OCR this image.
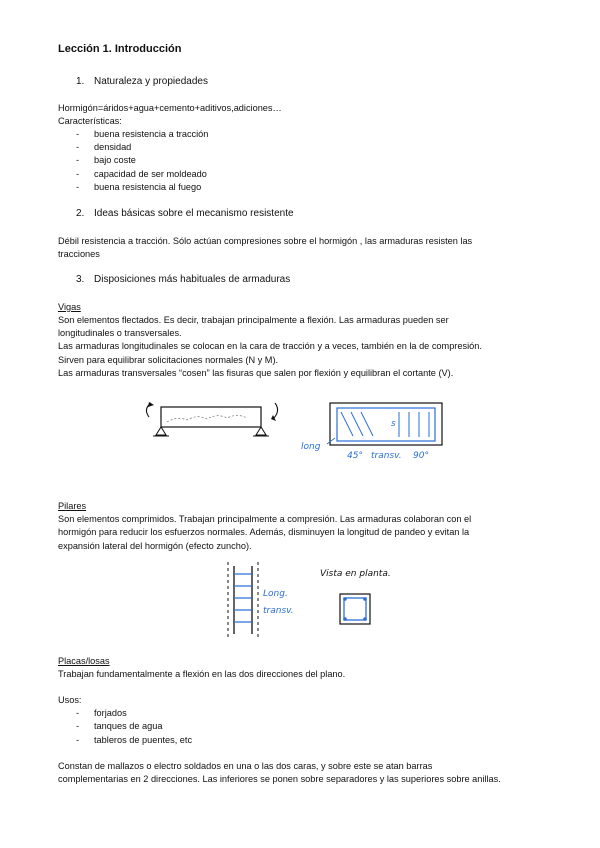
Lección 1. Introducción
1. Naturaleza y propiedades
Hormigón=áridos+agua+cemento+aditivos,adiciones…
Características:
- buena resistencia a tracción
- densidad
- bajo coste
- capacidad de ser moldeado
- buena resistencia al fuego
2. Ideas básicas sobre el mecanismo resistente
Débil resistencia a tracción. Sólo actúan compresiones sobre el hormigón , las armaduras resisten las
tracciones
3. Disposiciones más habituales de armaduras
Vigas
Son elementos flectados. Es decir, trabajan principalmente a flexión. Las armaduras pueden ser
longitudinales o transversales.
Las armaduras longitudinales se colocan en la cara de tracción y a veces, también en la de compresión.
Sirven para equilibrar solicitaciones normales (N y M).
Las armaduras transversales “cosen” las fisuras que salen por flexión y equilibran el cortante (V).
s
long
45° transv. 90°
Pilares
Son elementos comprimidos. Trabajan principalmente a compresión. Las armaduras colaboran con el
hormigón para reducir los esfuerzos normales. Además, disminuyen la longitud de pandeo y evitan la
expansión lateral del hormigón (efecto zuncho).
Long.
transv.
Vista en planta.
Placas/losas
Trabajan fundamentalmente a flexión en las dos direcciones del plano.
Usos:
- forjados
- tanques de agua
- tableros de puentes, etc
Constan de mallazos o electro soldados en una o las dos caras, y sobre este se atan barras
complementarias en 2 direcciones. Las inferiores se ponen sobre separadores y las superiores sobre anillas.
